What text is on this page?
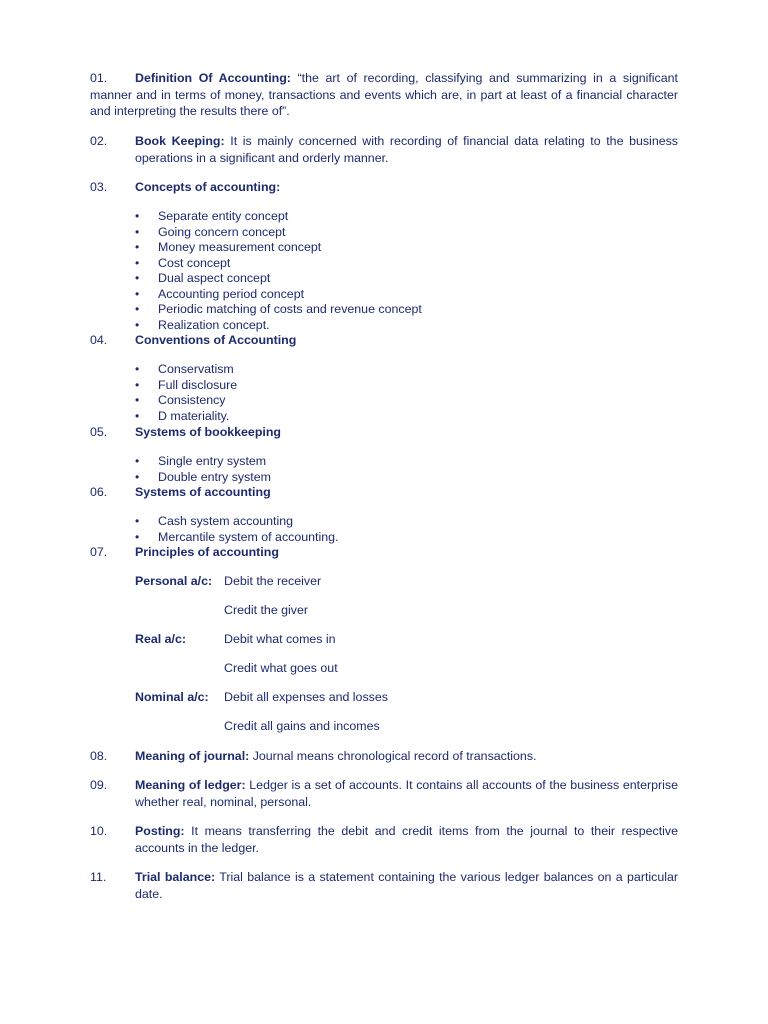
01. Definition Of Accounting: “the art of recording, classifying and summarizing in a significant manner and in terms of money, transactions and events which are, in part at least of a financial character and interpreting the results there of”.
02.	Book Keeping: It is mainly concerned with recording of financial data relating to the business operations in a significant and orderly manner.
03.	Concepts of accounting:
• Separate entity concept
• Going concern concept
• Money measurement concept
• Cost concept
• Dual aspect concept
• Accounting period concept
• Periodic matching of costs and revenue concept
• Realization concept.
04.	Conventions of Accounting
• Conservatism
• Full disclosure
• Consistency
• D materiality.
05.	Systems of bookkeeping
• Single entry system
• Double entry system
06.	Systems of accounting
• Cash system accounting
• Mercantile system of accounting.
07.	Principles of accounting
Personal a/c: Debit the receiver
Credit the giver
Real a/c:	Debit what comes in
Credit what goes out
Nominal a/c: Debit all expenses and losses
Credit all gains and incomes
08.	Meaning of journal: Journal means chronological record of transactions.
09.	Meaning of ledger: Ledger is a set of accounts. It contains all accounts of the business enterprise whether real, nominal, personal.
10.	Posting: It means transferring the debit and credit items from the journal to their respective accounts in the ledger.
11.	Trial balance: Trial balance is a statement containing the various ledger balances on a particular date.
